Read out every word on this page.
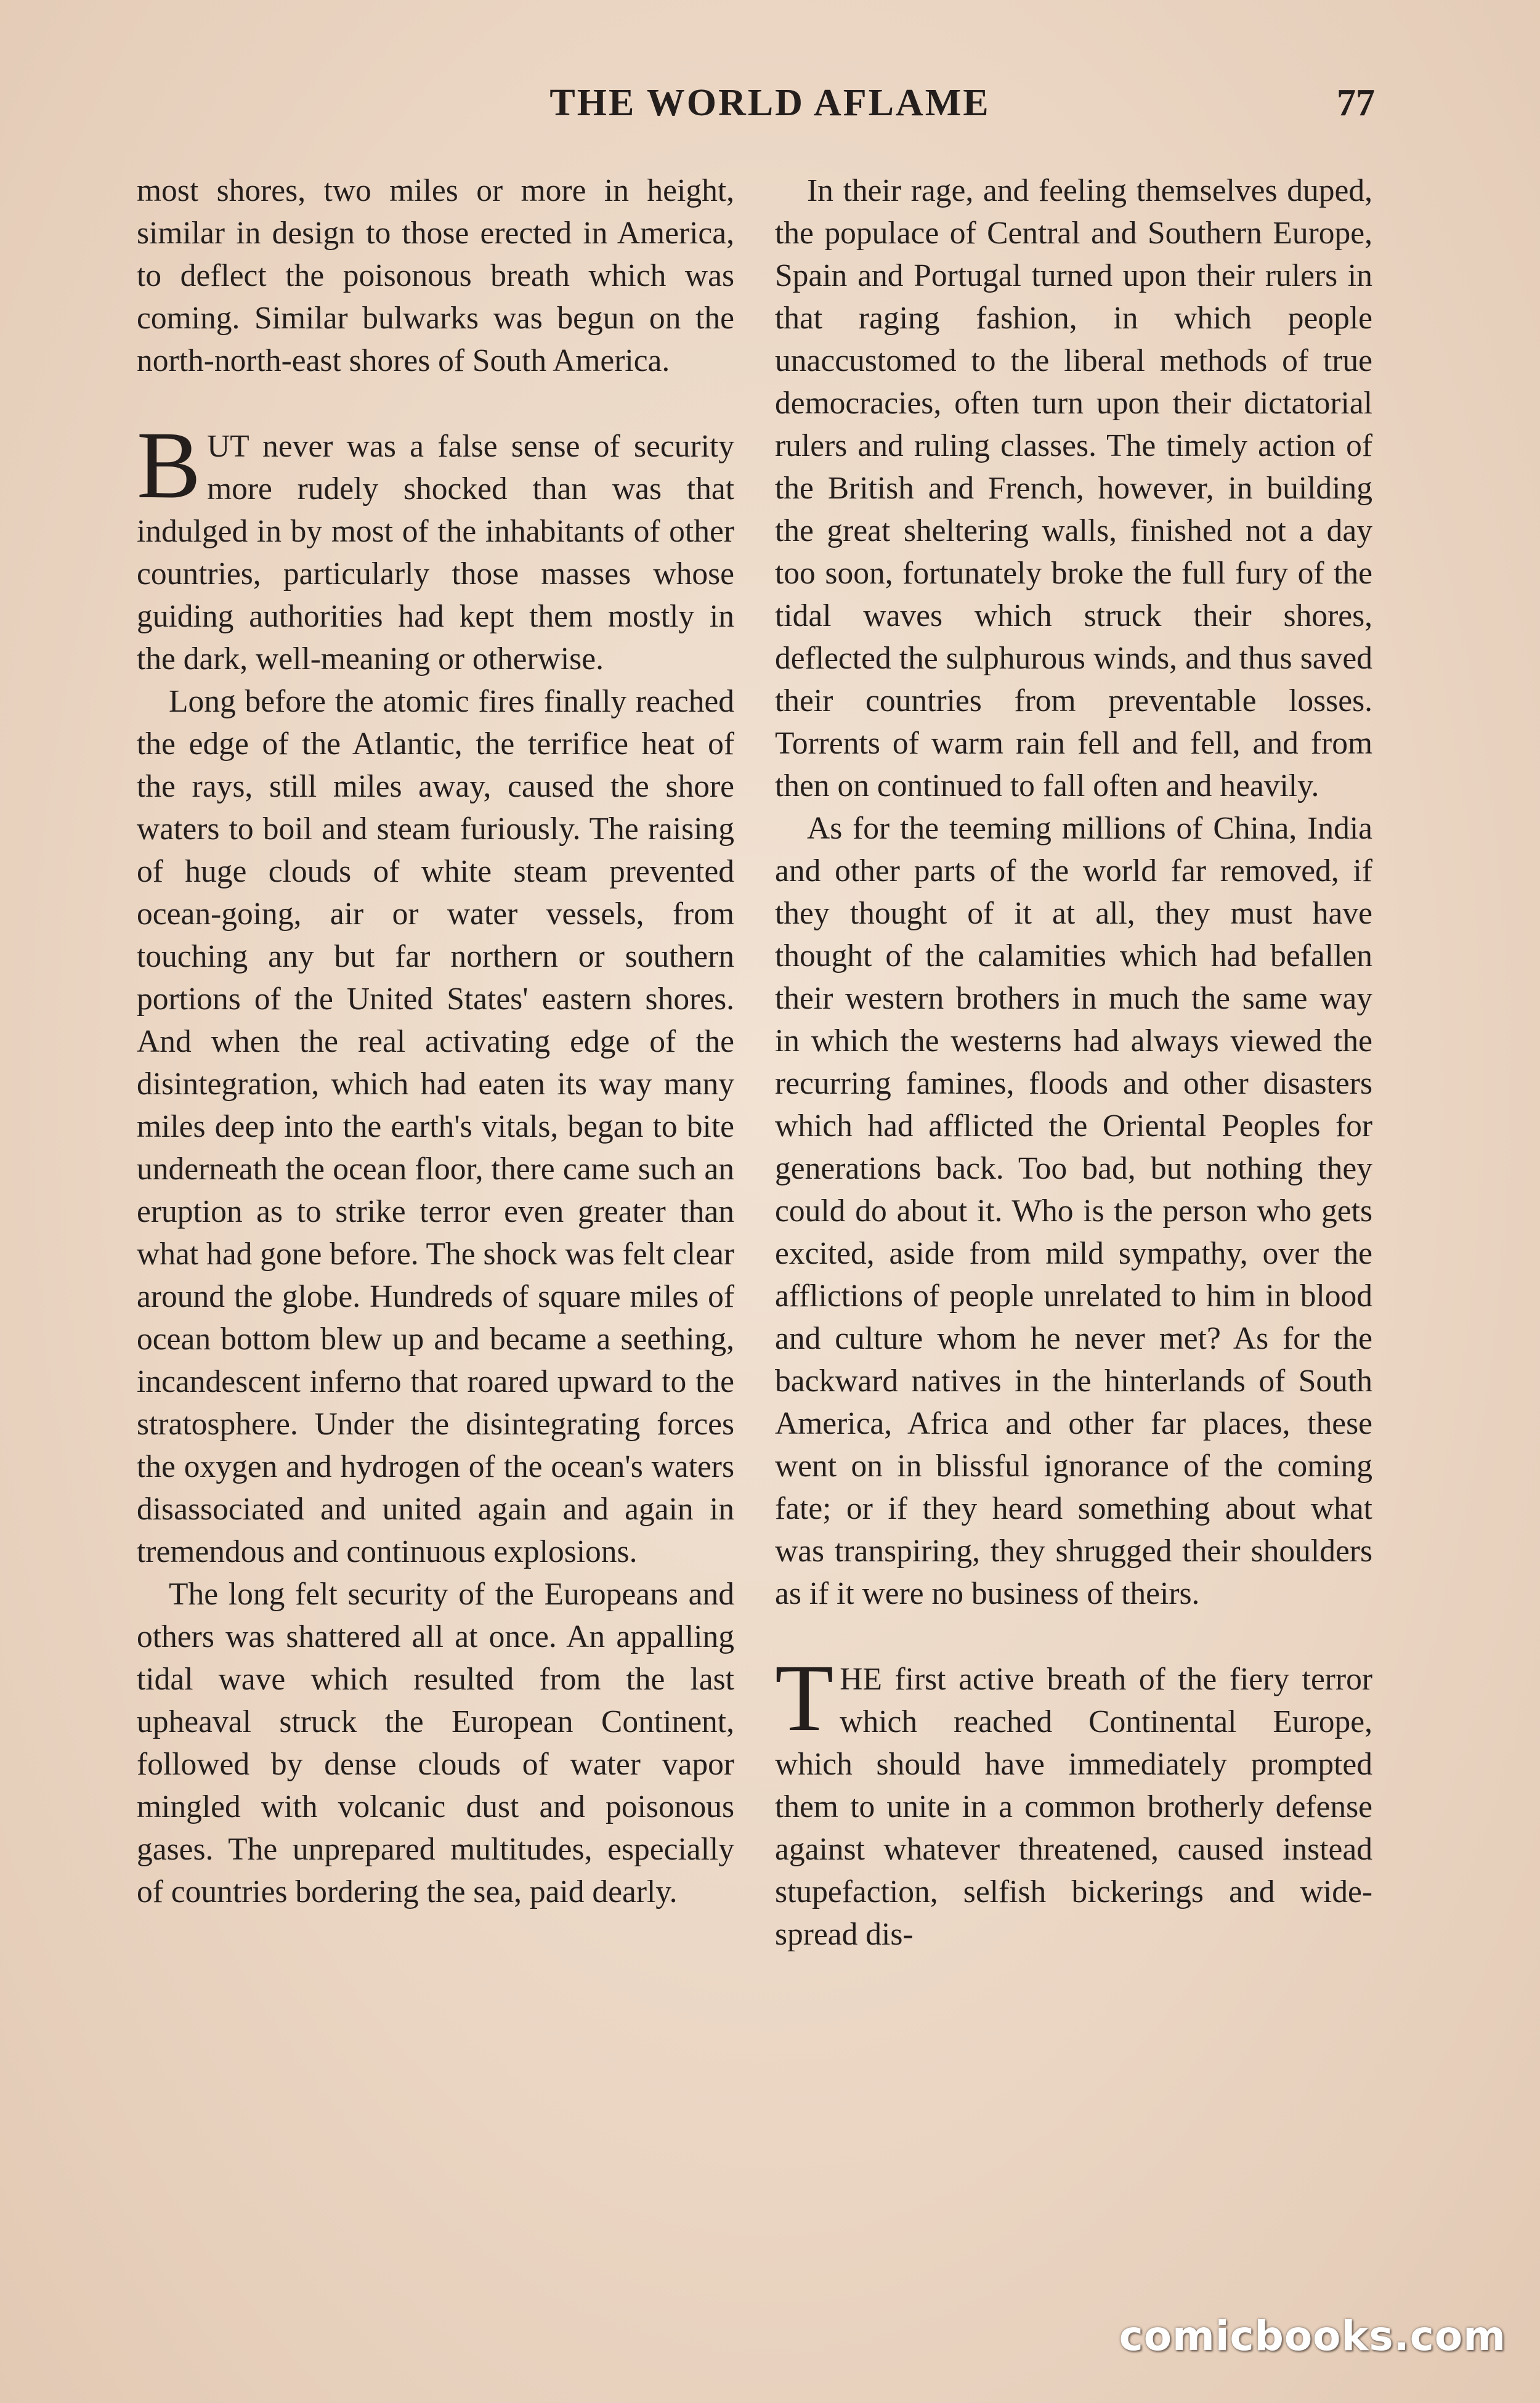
THE WORLD AFLAME	77

most shores, two miles or more in height, similar in design to those erected in America, to deflect the poisonous breath which was coming. Similar bulwarks was begun on the north-north-east shores of South America.

BUT never was a false sense of security more rudely shocked than was that indulged in by most of the inhabitants of other countries, particularly those masses whose guiding authorities had kept them mostly in the dark, well-meaning or otherwise.

Long before the atomic fires finally reached the edge of the Atlantic, the terrifice heat of the rays, still miles away, caused the shore waters to boil and steam furiously. The raising of huge clouds of white steam prevented ocean-going, air or water vessels, from touching any but far northern or southern portions of the United States' eastern shores. And when the real activating edge of the disintegration, which had eaten its way many miles deep into the earth's vitals, began to bite underneath the ocean floor, there came such an eruption as to strike terror even greater than what had gone before. The shock was felt clear around the globe. Hundreds of square miles of ocean bottom blew up and became a seething, incandescent inferno that roared upward to the stratosphere. Under the disintegrating forces the oxygen and hydrogen of the ocean's waters disassociated and united again and again in tremendous and continuous explosions.

The long felt security of the Europeans and others was shattered all at once. An appalling tidal wave which resulted from the last upheaval struck the European Continent, followed by dense clouds of water vapor mingled with volcanic dust and poisonous gases. The unprepared multitudes, especially of countries bordering the sea, paid dearly.

In their rage, and feeling themselves duped, the populace of Central and Southern Europe, Spain and Portugal turned upon their rulers in that raging fashion, in which people unaccustomed to the liberal methods of true democracies, often turn upon their dictatorial rulers and ruling classes. The timely action of the British and French, however, in building the great sheltering walls, finished not a day too soon, fortunately broke the full fury of the tidal waves which struck their shores, deflected the sulphurous winds, and thus saved their countries from preventable losses. Torrents of warm rain fell and fell, and from then on continued to fall often and heavily.

As for the teeming millions of China, India and other parts of the world far removed, if they thought of it at all, they must have thought of the calamities which had befallen their western brothers in much the same way in which the westerns had always viewed the recurring famines, floods and other disasters which had afflicted the Oriental Peoples for generations back. Too bad, but nothing they could do about it. Who is the person who gets excited, aside from mild sympathy, over the afflictions of people unrelated to him in blood and culture whom he never met? As for the backward natives in the hinterlands of South America, Africa and other far places, these went on in blissful ignorance of the coming fate; or if they heard something about what was transpiring, they shrugged their shoulders as if it were no business of theirs.

THE first active breath of the fiery terror which reached Continental Europe, which should have immediately prompted them to unite in a common brotherly defense against whatever threatened, caused instead stupefaction, selfish bickerings and wide-spread dis-

comicbooks.com
